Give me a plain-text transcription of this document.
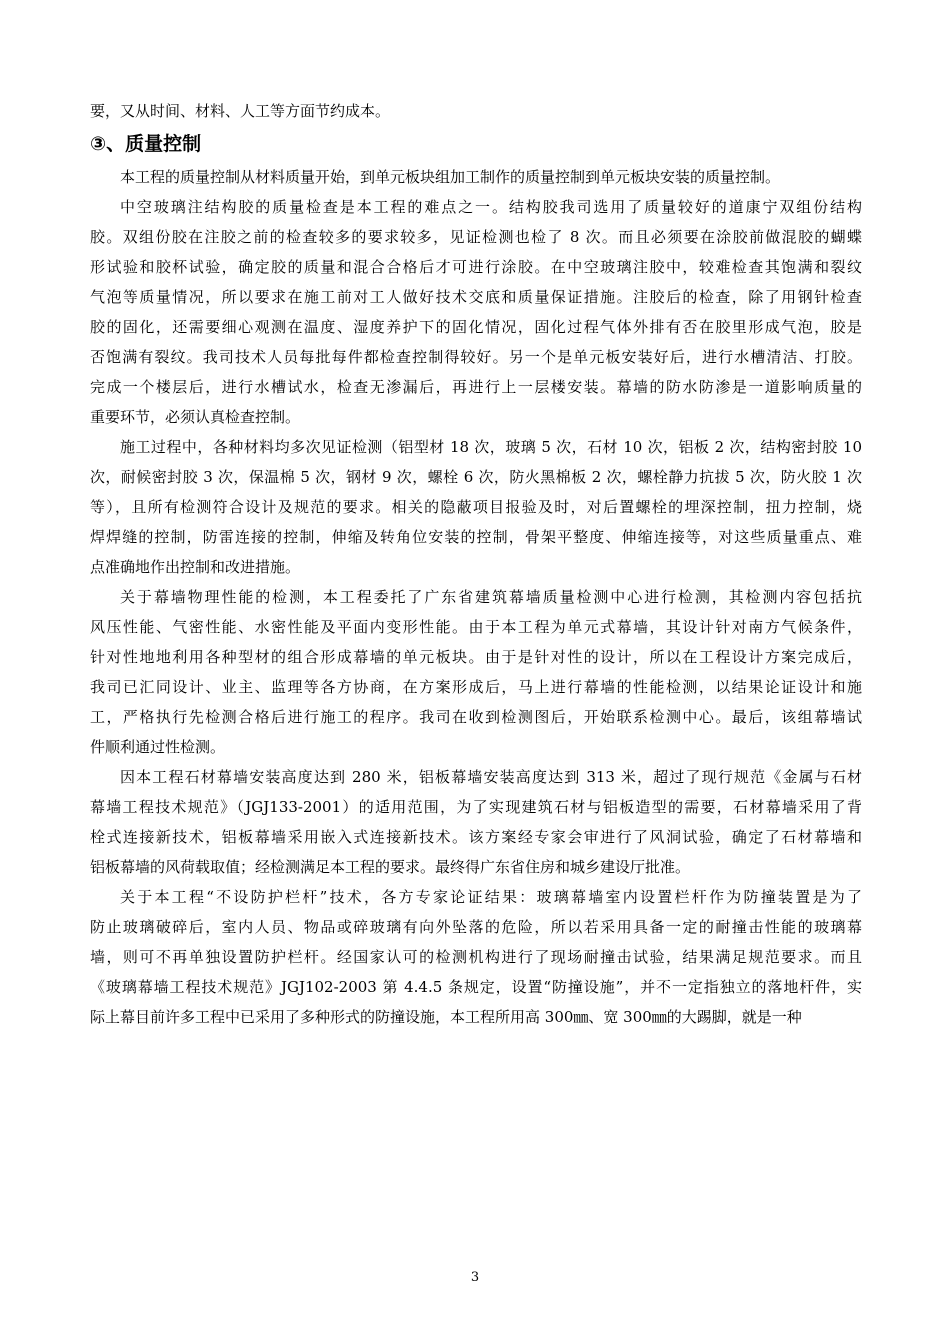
要，又从时间、材料、人工等方面节约成本。
③、质量控制
本工程的质量控制从材料质量开始，到单元板块组加工制作的质量控制到单元板块安装的质量控制。
中空玻璃注结构胶的质量检查是本工程的难点之一。结构胶我司选用了质量较好的道康宁双组份结构
胶。双组份胶在注胶之前的检查较多的要求较多，见证检测也检了 8 次。而且必须要在涂胶前做混胶的蝴蝶
形试验和胶杯试验，确定胶的质量和混合合格后才可进行涂胶。在中空玻璃注胶中，较难检查其饱满和裂纹
气泡等质量情况，所以要求在施工前对工人做好技术交底和质量保证措施。注胶后的检查，除了用钢针检查
胶的固化，还需要细心观测在温度、湿度养护下的固化情况，固化过程气体外排有否在胶里形成气泡，胶是
否饱满有裂纹。我司技术人员每批每件都检查控制得较好。另一个是单元板安装好后，进行水槽清洁、打胶。
完成一个楼层后，进行水槽试水，检查无渗漏后，再进行上一层楼安装。幕墙的防水防渗是一道影响质量的
重要环节，必须认真检查控制。
施工过程中，各种材料均多次见证检测（铝型材 18 次，玻璃 5 次，石材 10 次，铝板 2 次，结构密封胶 10
次，耐候密封胶 3 次，保温棉 5 次，钢材 9 次，螺栓 6 次，防火黑棉板 2 次，螺栓静力抗拔 5 次，防火胶 1 次
等），且所有检测符合设计及规范的要求。相关的隐蔽项目报验及时，对后置螺栓的埋深控制，扭力控制，烧
焊焊缝的控制，防雷连接的控制，伸缩及转角位安装的控制，骨架平整度、伸缩连接等，对这些质量重点、难
点准确地作出控制和改进措施。
关于幕墙物理性能的检测，本工程委托了广东省建筑幕墙质量检测中心进行检测，其检测内容包括抗
风压性能、气密性能、水密性能及平面内变形性能。由于本工程为单元式幕墙，其设计针对南方气候条件，
针对性地地利用各种型材的组合形成幕墙的单元板块。由于是针对性的设计，所以在工程设计方案完成后，
我司已汇同设计、业主、监理等各方协商，在方案形成后，马上进行幕墙的性能检测，以结果论证设计和施
工，严格执行先检测合格后进行施工的程序。我司在收到检测图后，开始联系检测中心。最后，该组幕墙试
件顺利通过性检测。
因本工程石材幕墙安装高度达到 280 米，铝板幕墙安装高度达到 313 米，超过了现行规范《金属与石材
幕墙工程技术规范》（JGJ133-2001）的适用范围，为了实现建筑石材与铝板造型的需要，石材幕墙采用了背
栓式连接新技术，铝板幕墙采用嵌入式连接新技术。该方案经专家会审进行了风洞试验，确定了石材幕墙和
铝板幕墙的风荷载取值；经检测满足本工程的要求。最终得广东省住房和城乡建设厅批准。
关于本工程“不设防护栏杆”技术，各方专家论证结果：玻璃幕墙室内设置栏杆作为防撞装置是为了
防止玻璃破碎后，室内人员、物品或碎玻璃有向外坠落的危险，所以若采用具备一定的耐撞击性能的玻璃幕
墙，则可不再单独设置防护栏杆。经国家认可的检测机构进行了现场耐撞击试验，结果满足规范要求。而且
《玻璃幕墙工程技术规范》JGJ102-2003 第 4.4.5 条规定，设置“防撞设施”，并不一定指独立的落地杆件，实
际上幕目前许多工程中已采用了多种形式的防撞设施，本工程所用高 300㎜、宽 300㎜的大踢脚，就是一种
3
